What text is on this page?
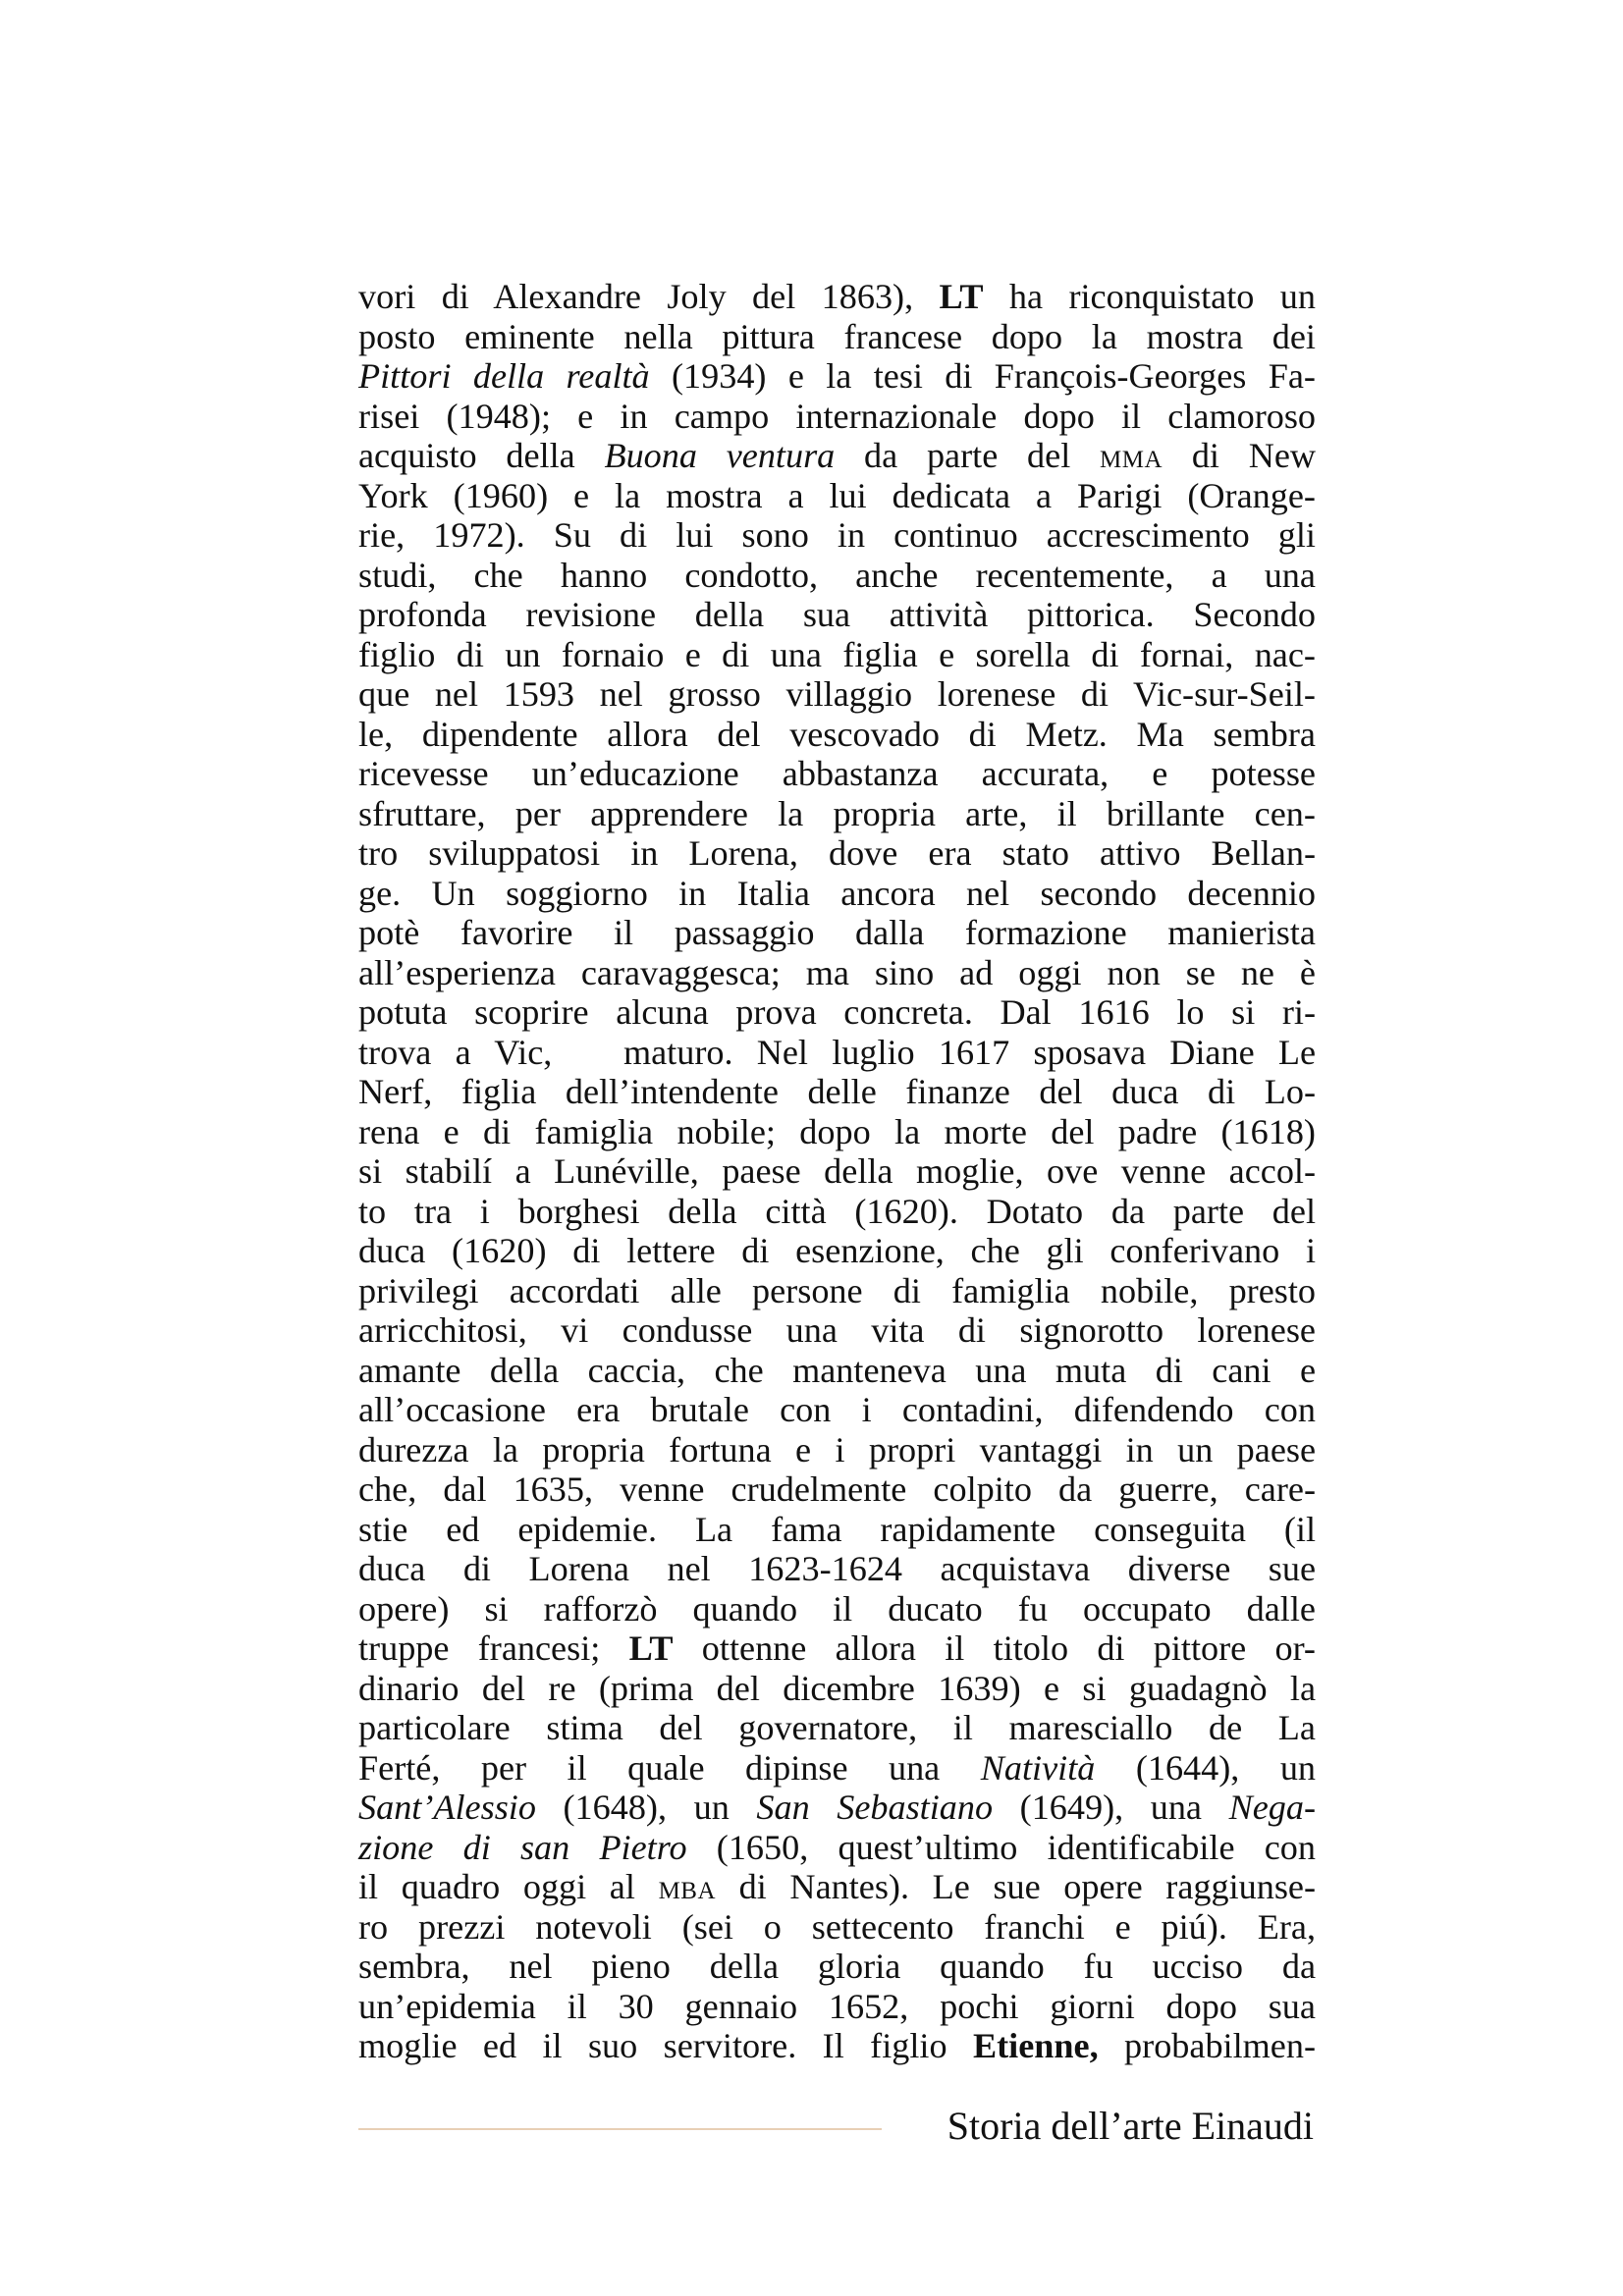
vori di Alexandre Joly del 1863), LT ha riconquistato un
posto eminente nella pittura francese dopo la mostra dei
Pittori della realtà (1934) e la tesi di François-Georges Fa-
risei (1948); e in campo internazionale dopo il clamoroso
acquisto della Buona ventura da parte del mma di New
York (1960) e la mostra a lui dedicata a Parigi (Orange-
rie, 1972). Su di lui sono in continuo accrescimento gli
studi, che hanno condotto, anche recentemente, a una
profonda revisione della sua attività pittorica. Secondo
figlio di un fornaio e di una figlia e sorella di fornai, nac-
que nel 1593 nel grosso villaggio lorenese di Vic-sur-Seil-
le, dipendente allora del vescovado di Metz. Ma sembra
ricevesse un’educazione abbastanza accurata, e potesse
sfruttare, per apprendere la propria arte, il brillante cen-
tro sviluppatosi in Lorena, dove era stato attivo Bellan-
ge. Un soggiorno in Italia ancora nel secondo decennio
potè favorire il passaggio dalla formazione manierista
all’esperienza caravaggesca; ma sino ad oggi non se ne è
potuta scoprire alcuna prova concreta. Dal 1616 lo si ri-
trova a Vic,   maturo. Nel luglio 1617 sposava Diane Le
Nerf, figlia dell’intendente delle finanze del duca di Lo-
rena e di famiglia nobile; dopo la morte del padre (1618)
si stabilí a Lunéville, paese della moglie, ove venne accol-
to tra i borghesi della città (1620). Dotato da parte del
duca (1620) di lettere di esenzione, che gli conferivano i
privilegi accordati alle persone di famiglia nobile, presto
arricchitosi, vi condusse una vita di signorotto lorenese
amante della caccia, che manteneva una muta di cani e
all’occasione era brutale con i contadini, difendendo con
durezza la propria fortuna e i propri vantaggi in un paese
che, dal 1635, venne crudelmente colpito da guerre, care-
stie ed epidemie. La fama rapidamente conseguita (il
duca di Lorena nel 1623-1624 acquistava diverse sue
opere) si rafforzò quando il ducato fu occupato dalle
truppe francesi; LT ottenne allora il titolo di pittore or-
dinario del re (prima del dicembre 1639) e si guadagnò la
particolare stima del governatore, il maresciallo de La
Ferté, per il quale dipinse una Natività (1644), un
Sant’Alessio (1648), un San Sebastiano (1649), una Nega-
zione di san Pietro (1650, quest’ultimo identificabile con
il quadro oggi al mba di Nantes). Le sue opere raggiunse-
ro prezzi notevoli (sei o settecento franchi e piú). Era,
sembra, nel pieno della gloria quando fu ucciso da
un’epidemia il 30 gennaio 1652, pochi giorni dopo sua
moglie ed il suo servitore. Il figlio Etienne, probabilmen-
Storia dell’arte Einaudi
